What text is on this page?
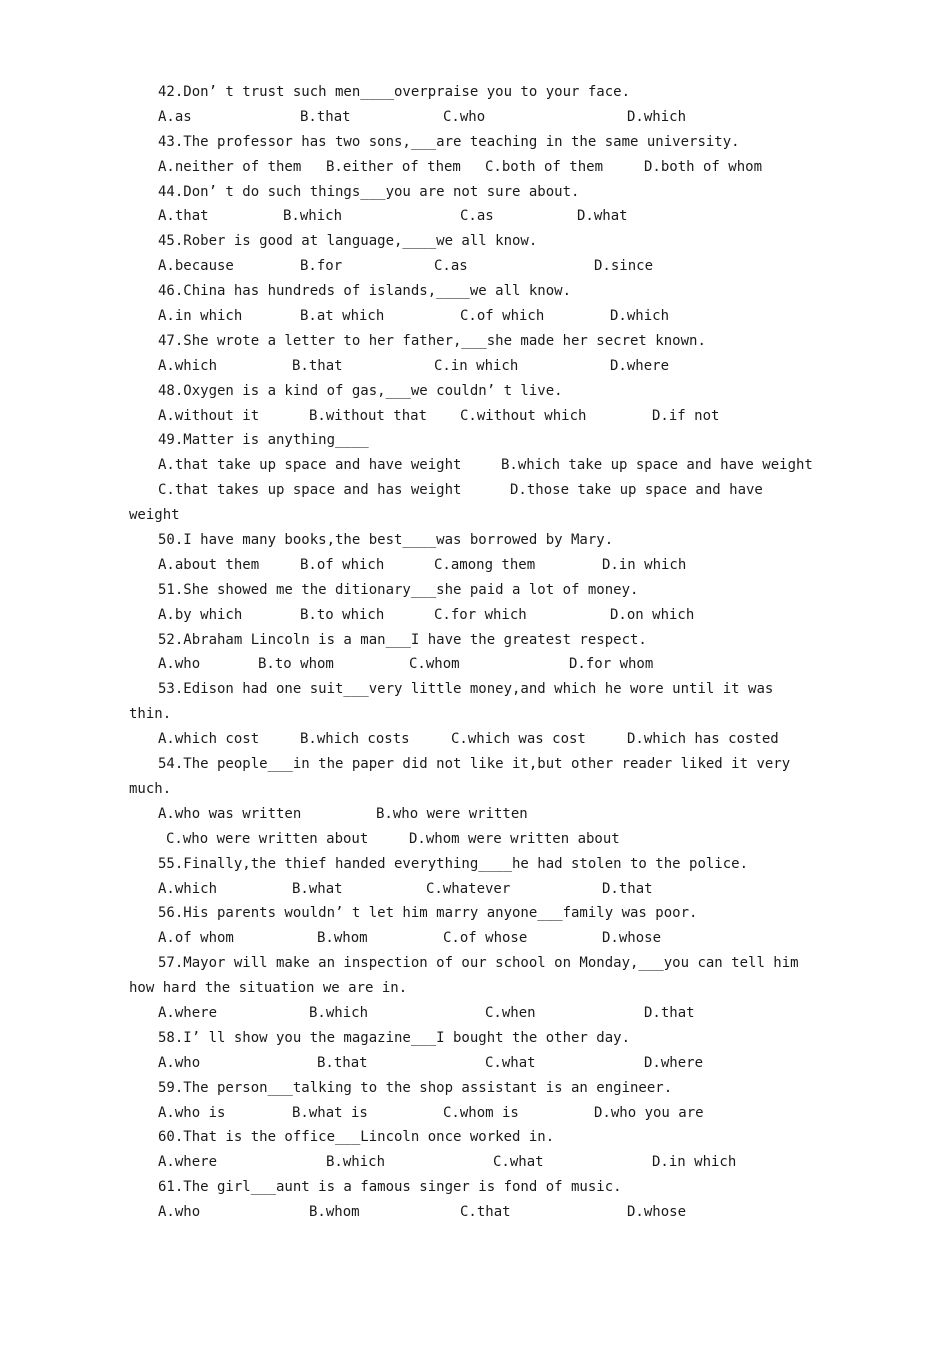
42.Don’ t trust such men____overpraise you to your face.

A.as

	B.that

	C.who

	D.which

43.The professor has two sons,___are teaching in the same university.

A.neither of them

B.either of them

C.both of them

	D.both of whom

44.Don’ t do such things___you are not sure about.

A.that

	B.which

	C.as

	D.what

45.Rober is good at language,____we all know.

A.because

	B.for

	C.as

	D.since

46.China has hundreds of islands,____we all know.

A.in which

	B.at which

	C.of which

	D.which

47.She wrote a letter to her father,___she made her secret known.

A.which

	B.that

	C.in which

	D.where

48.Oxygen is a kind of gas,___we couldn’ t live.

A.without it

	B.without that

C.without which

	D.if not

49.Matter is anything____

A.that take up space and have weight

	B.which take up space and have weight

C.that takes up space and has weight

	D.those take up space and have

weight
50.I have many books,the best____was borrowed by Mary.

A.about them

	B.of which

	C.among them

	D.in which

51.She showed me the ditionary___she paid a lot of money.

A.by which

	B.to which

	C.for which

	D.on which

52.Abraham Lincoln is a man___I have the greatest respect.

A.who

	B.to whom

	C.whom

	D.for whom

53.Edison had one suit___very little money,and which he wore until it was
thin.

A.which cost

	B.which costs

	C.which was cost

	D.which has costed

54.The people___in the paper did not like it,but other reader liked it very
much.

A.who was written

	B.who were written

C.who were written about

	D.whom were written about

55.Finally,the thief handed everything____he had stolen to the police.

A.which

	B.what

	C.whatever

	D.that

56.His parents wouldn’ t let him marry anyone___family was poor.

A.of whom

	B.whom

	C.of whose

	D.whose

57.Mayor will make an inspection of our school on Monday,___you can tell him
how hard the situation we are in.

A.where

	B.which

	C.when

	D.that

58.I’ ll show you the magazine___I bought the other day.

A.who

	B.that

	C.what

	D.where

59.The person___talking to the shop assistant is an engineer.

A.who is

	B.what is

	C.whom is

	D.who you are

60.That is the office___Lincoln once worked in.

A.where

	B.which

	C.what

	D.in which

61.The girl___aunt is a famous singer is fond of music.

A.who

	B.whom

	C.that

	D.whose
